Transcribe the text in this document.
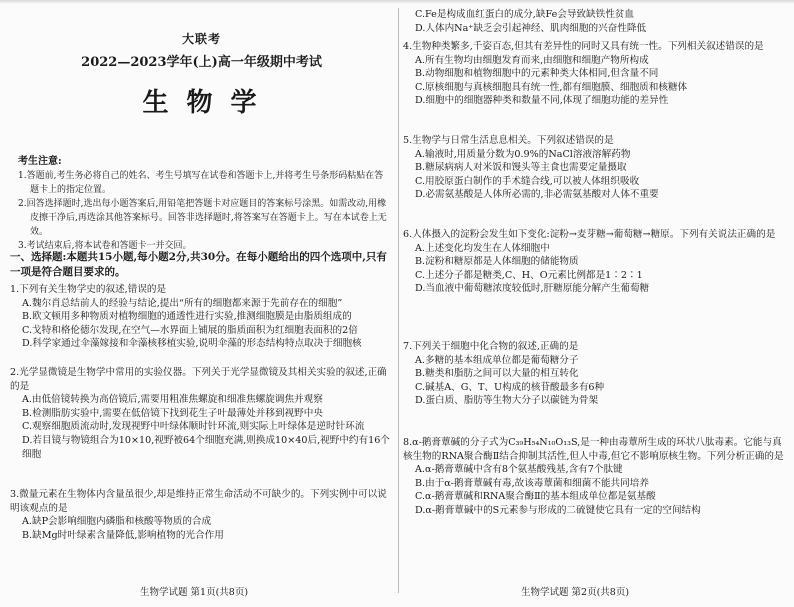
大联考
2022—2023学年(上)高一年级期中考试
生物学
考生注意:
1.答题前,考生务必将自己的姓名、考生号填写在试卷和答题卡上,并将考生号条形码粘贴在答题卡上的指定位置。
2.回答选择题时,选出每小题答案后,用铅笔把答题卡对应题目的答案标号涂黑。如需改动,用橡皮擦干净后,再选涂其他答案标号。回答非选择题时,将答案写在答题卡上。写在本试卷上无效。
3.考试结束后,将本试卷和答题卡一并交回。
一、选择题:本题共15小题,每小题2分,共30分。在每小题给出的四个选项中,只有一项是符合题目要求的。
1.下列有关生物学史的叙述,错误的是
A.魏尔肖总结前人的经验与结论,提出“所有的细胞都来源于先前存在的细胞”
B.欧文顿用多种物质对植物细胞的通透性进行实验,推测细胞膜是由脂质组成的
C.戈特和格伦德尔发现,在空气—水界面上铺展的脂质面积为红细胞表面积的2倍
D.科学家通过伞藻嫁接和伞藻核移植实验,说明伞藻的形态结构特点取决于细胞核
2.光学显微镜是生物学中常用的实验仪器。下列关于光学显微镜及其相关实验的叙述,正确的是
A.由低倍镜转换为高倍镜后,需要用粗准焦螺旋和细准焦螺旋调焦并观察
B.检测脂肪实验中,需要在低倍镜下找到花生子叶最薄处并移到视野中央
C.观察细胞质流动时,发现视野中叶绿体顺时针环流,则实际上叶绿体是逆时针环流
D.若目镜与物镜组合为10×10,视野被64个细胞充满,则换成10×40后,视野中约有16个细胞
3.微量元素在生物体内含量虽很少,却是维持正常生命活动不可缺少的。下列实例中可以说明该观点的是
A.缺P会影响细胞内磷脂和核酸等物质的合成
B.缺Mg时叶绿素含量降低,影响植物的光合作用
生物学试题 第1页(共8页)
C.Fe是构成血红蛋白的成分,缺Fe会导致缺铁性贫血
D.人体内Na⁺缺乏会引起神经、肌肉细胞的兴奋性降低
4.生物种类繁多,千姿百态,但其有差异性的同时又具有统一性。下列相关叙述错误的是
A.所有生物均由细胞发育而来,由细胞和细胞产物所构成
B.动物细胞和植物细胞中的元素种类大体相同,但含量不同
C.原核细胞与真核细胞具有统一性,都有细胞膜、细胞质和核糖体
D.细胞中的细胞器种类和数量不同,体现了细胞功能的差异性
5.生物学与日常生活息息相关。下列叙述错误的是
A.输液时,用质量分数为0.9%的NaCl溶液溶解药物
B.糖尿病病人对米饭和馒头等主食也需要定量摄取
C.用胶原蛋白制作的手术缝合线,可以被人体组织吸收
D.必需氨基酸是人体所必需的,非必需氨基酸对人体不重要
6.人体摄入的淀粉会发生如下变化:淀粉→麦芽糖→葡萄糖→糖原。下列有关说法正确的是
A.上述变化均发生在人体细胞中
B.淀粉和糖原都是人体细胞的储能物质
C.上述分子都是糖类,C、H、O元素比例都是1∶2∶1
D.当血液中葡萄糖浓度较低时,肝糖原能分解产生葡萄糖
7.下列关于细胞中化合物的叙述,正确的是
A.多糖的基本组成单位都是葡萄糖分子
B.糖类和脂肪之间可以大量的相互转化
C.碱基A、G、T、U构成的核苷酸最多有6种
D.蛋白质、脂肪等生物大分子以碳链为骨架
8.α-鹅膏蕈碱的分子式为C₃₉H₅₄N₁₀O₁₃S,是一种由毒蕈所生成的环状八肽毒素。它能与真核生物的RNA聚合酶Ⅱ结合抑制其活性,但人中毒,但它不影响原核生物。下列分析正确的是
A.α-鹅膏蕈碱中含有8个氨基酸残基,含有7个肽键
B.由于α-鹅膏蕈碱有毒,故该毒蕈菌和细菌不能共同培养
C.α-鹅膏蕈碱和RNA聚合酶Ⅱ的基本组成单位都是氨基酸
D.α-鹅膏蕈碱中的S元素参与形成的二硫键使它具有一定的空间结构
生物学试题 第2页(共8页)
